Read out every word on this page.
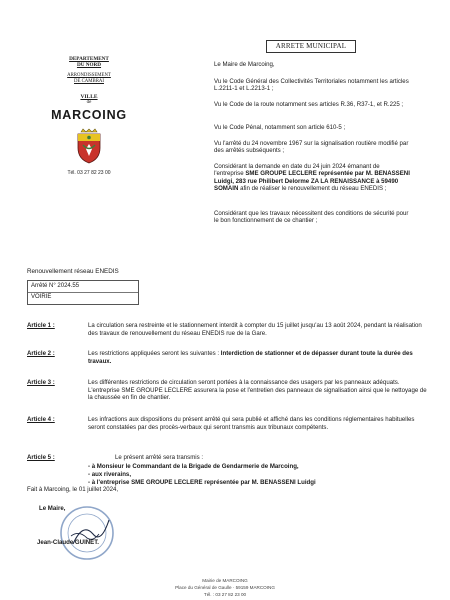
ARRETE MUNICIPAL
DEPARTEMENT
DU NORD
ARRONDISSEMENT
DE CAMBRAI
VILLE
de
MARCOING
Tél. 03 27 82 23 00
Le Maire de Marcoing,
Vu le Code Général des Collectivités Territoriales notamment les articles L.2211-1 et L.2213-1 ;
Vu le Code de la route notamment ses articles R.36, R37-1, et R.225 ;
Vu le Code Pénal, notamment son article 610-5 ;
Vu l'arrêté du 24 novembre 1967 sur la signalisation routière modifié par des arrêtés subséquents ;
Considérant la demande en date du 24 juin 2024 émanant de l'entreprise SME GROUPE LECLERE représentée par M. BENASSENI Luidgi, 283 rue Philibert Delorme ZA LA RENAISSANCE à 59490 SOMAIN afin de réaliser le renouvellement du réseau ENEDIS ;
Considérant que les travaux nécessitent des conditions de sécurité pour le bon fonctionnement de ce chantier ;
Renouvellement réseau ENEDIS
Arrêté N° 2024.55
VOIRIE
Article 1 :	La circulation sera restreinte et le stationnement interdit à compter du 15 juillet jusqu'au 13 août 2024, pendant la réalisation des travaux de renouvellement du réseau ENEDIS rue de la Gare.
Article 2 :	Les restrictions appliquées seront les suivantes : Interdiction de stationner et de dépasser durant toute la durée des travaux.
Article 3 :	Les différentes restrictions de circulation seront portées à la connaissance des usagers par les panneaux adéquats. L'entreprise SME GROUPE LECLERE assurera la pose et l'entretien des panneaux de signalisation ainsi que le nettoyage de la chaussée en fin de chantier.
Article 4 :	Les infractions aux dispositions du présent arrêté qui sera publié et affiché dans les conditions réglementaires habituelles seront constatées par des procès-verbaux qui seront transmis aux tribunaux compétents.
Article 5 :	Le présent arrêté sera transmis :
- à Monsieur le Commandant de la Brigade de Gendarmerie de Marcoing,
- aux riverains,
- à l'entreprise SME GROUPE LECLERE représentée par M. BENASSENI Luidgi
Fait à Marcoing, le 01 juillet 2024,
Le Maire,
Jean-Claude GUINET.
Mairie de MARCOING
Place du Général de Gaulle · 59159 MARCOING
Tél. : 03 27 82 23 00
